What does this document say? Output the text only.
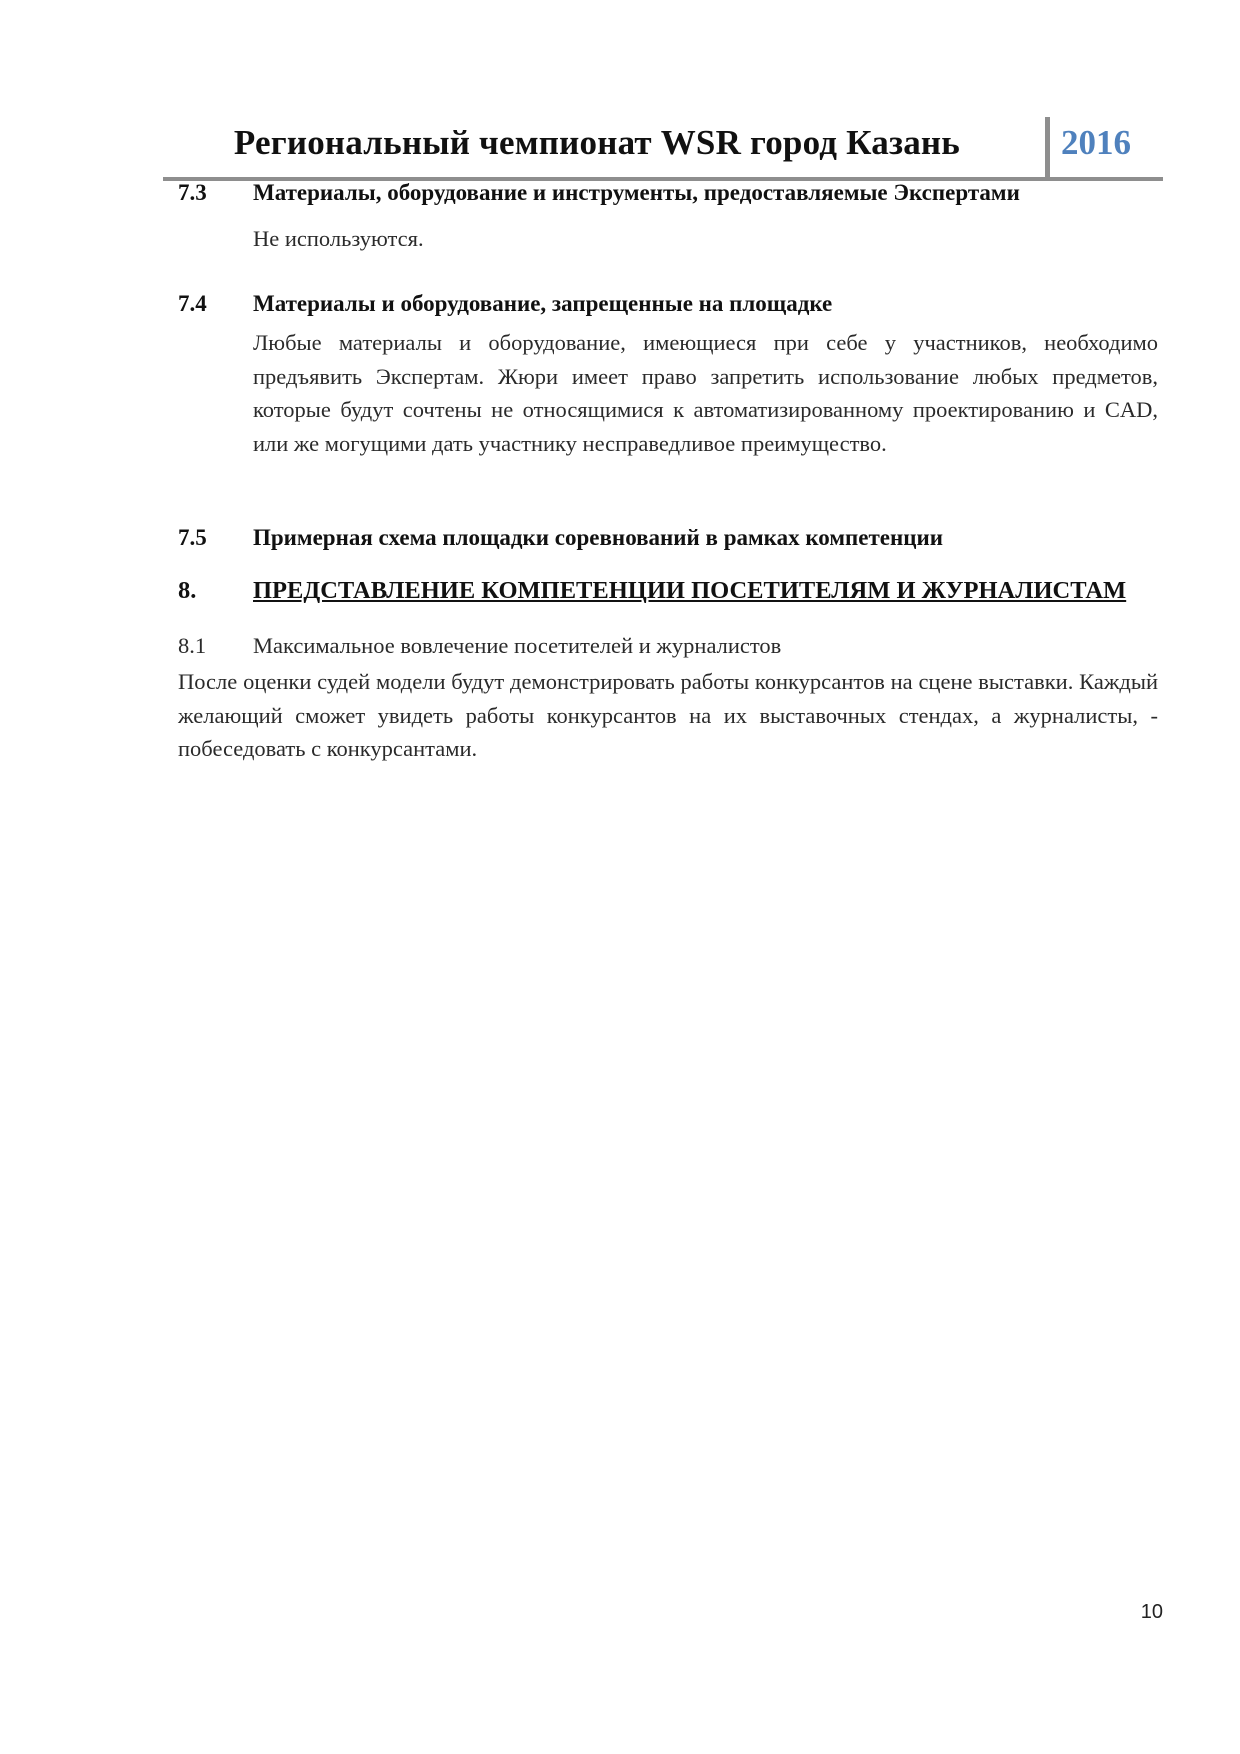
Региональный чемпионат WSR город Казань	2016
7.3	Материалы, оборудование и инструменты, предоставляемые Экспертами
Не используются.
7.4	Материалы и оборудование, запрещенные на площадке
Любые материалы и оборудование, имеющиеся при себе у участников, необходимо предъявить Экспертам. Жюри имеет право запретить использование любых предметов, которые будут сочтены не относящимися к автоматизированному проектированию и CAD, или же могущими дать участнику несправедливое преимущество.
7.5	Примерная схема площадки соревнований в рамках компетенции
8.	ПРЕДСТАВЛЕНИЕ КОМПЕТЕНЦИИ ПОСЕТИТЕЛЯМ И ЖУРНАЛИСТАМ
8.1	Максимальное вовлечение посетителей и журналистов
После оценки судей модели будут демонстрировать работы конкурсантов на сцене выставки. Каждый желающий сможет увидеть работы конкурсантов на их выставочных стендах, а журналисты, - побеседовать с конкурсантами.
10
